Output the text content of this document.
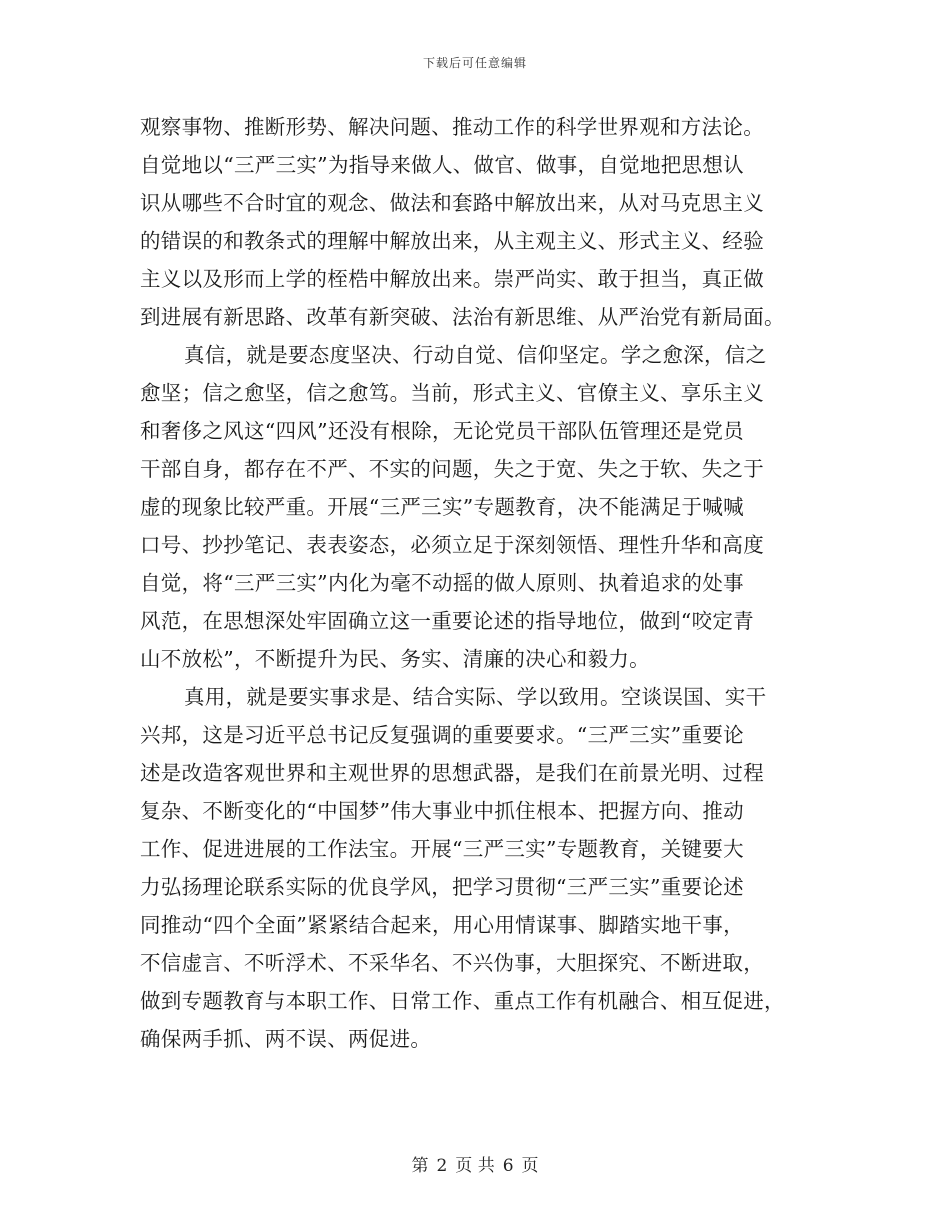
下载后可任意编辑
观察事物、推断形势、解决问题、推动工作的科学世界观和方法论。
自觉地以“三严三实”为指导来做人、做官、做事，自觉地把思想认
识从哪些不合时宜的观念、做法和套路中解放出来，从对马克思主义
的错误的和教条式的理解中解放出来，从主观主义、形式主义、经验
主义以及形而上学的桎梏中解放出来。崇严尚实、敢于担当，真正做
到进展有新思路、改革有新突破、法治有新思维、从严治党有新局面。
真信，就是要态度坚决、行动自觉、信仰坚定。学之愈深，信之
愈坚；信之愈坚，信之愈笃。当前，形式主义、官僚主义、享乐主义
和奢侈之风这“四风”还没有根除，无论党员干部队伍管理还是党员
干部自身，都存在不严、不实的问题，失之于宽、失之于软、失之于
虚的现象比较严重。开展“三严三实”专题教育，决不能满足于喊喊
口号、抄抄笔记、表表姿态，必须立足于深刻领悟、理性升华和高度
自觉，将“三严三实”内化为毫不动摇的做人原则、执着追求的处事
风范，在思想深处牢固确立这一重要论述的指导地位，做到“咬定青
山不放松”，不断提升为民、务实、清廉的决心和毅力。
真用，就是要实事求是、结合实际、学以致用。空谈误国、实干
兴邦，这是习近平总书记反复强调的重要要求。“三严三实”重要论
述是改造客观世界和主观世界的思想武器，是我们在前景光明、过程
复杂、不断变化的“中国梦”伟大事业中抓住根本、把握方向、推动
工作、促进进展的工作法宝。开展“三严三实”专题教育，关键要大
力弘扬理论联系实际的优良学风，把学习贯彻“三严三实”重要论述
同推动“四个全面”紧紧结合起来，用心用情谋事、脚踏实地干事，
不信虚言、不听浮术、不采华名、不兴伪事，大胆探究、不断进取，
做到专题教育与本职工作、日常工作、重点工作有机融合、相互促进，
确保两手抓、两不误、两促进。
第 2 页 共 6 页
